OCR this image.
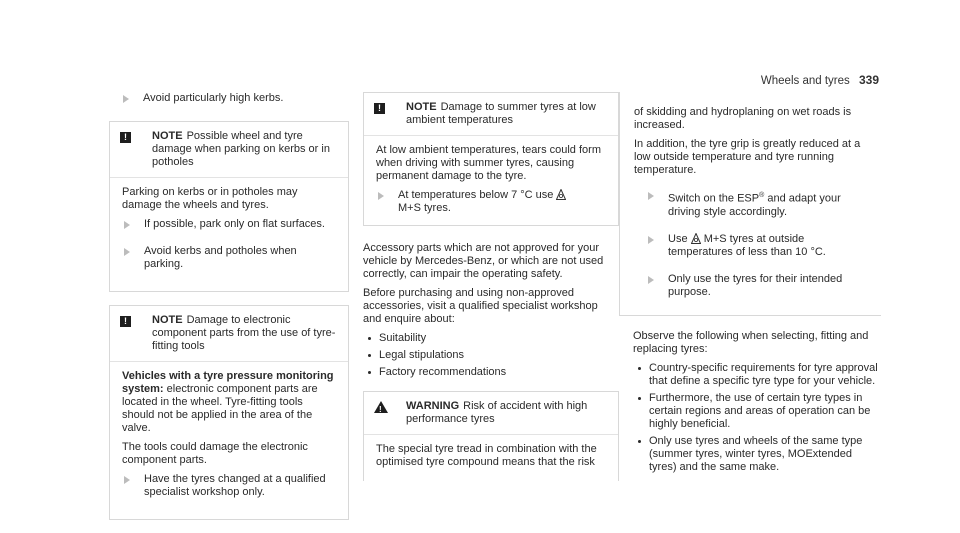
Wheels and tyres 339
Avoid particularly high kerbs.
!	NOTE Possible wheel and tyre damage when parking on kerbs or in potholes

Parking on kerbs or in potholes may damage the wheels and tyres.

If possible, park only on flat surfaces.
Avoid kerbs and potholes when parking.
!	NOTE Damage to electronic component parts from the use of tyre-fitting tools

Vehicles with a tyre pressure monitoring system: electronic component parts are located in the wheel. Tyre-fitting tools should not be applied in the area of the valve.

The tools could damage the electronic component parts.

Have the tyres changed at a qualified specialist workshop only.
!	NOTE Damage to summer tyres at low ambient temperatures

At low ambient temperatures, tears could form when driving with summer tyres, causing permanent damage to the tyre.

At temperatures below 7 °C use
M+S tyres.

Accessory parts which are not approved for your vehicle by Mercedes-Benz, or which are not used correctly, can impair the operating safety.

Before purchasing and using non-approved accessories, visit a qualified specialist workshop and enquire about:

Suitability
Legal stipulations
Factory recommendations
!	WARNING Risk of accident with high performance tyres

The special tyre tread in combination with the optimised tyre compound means that the risk

of skidding and hydroplaning on wet roads is increased.

In addition, the tyre grip is greatly reduced at a low outside temperature and tyre running temperature.

Switch on the ESP® and adapt your driving style accordingly.
Use M+S tyres at outside temperatures of less than 10 °C.
Only use the tyres for their intended purpose.

Observe the following when selecting, fitting and replacing tyres:

Country-specific requirements for tyre approval that define a specific tyre type for your vehicle.
Furthermore, the use of certain tyre types in certain regions and areas of operation can be highly beneficial.
Only use tyres and wheels of the same type (summer tyres, winter tyres, MOExtended tyres) and the same make.
